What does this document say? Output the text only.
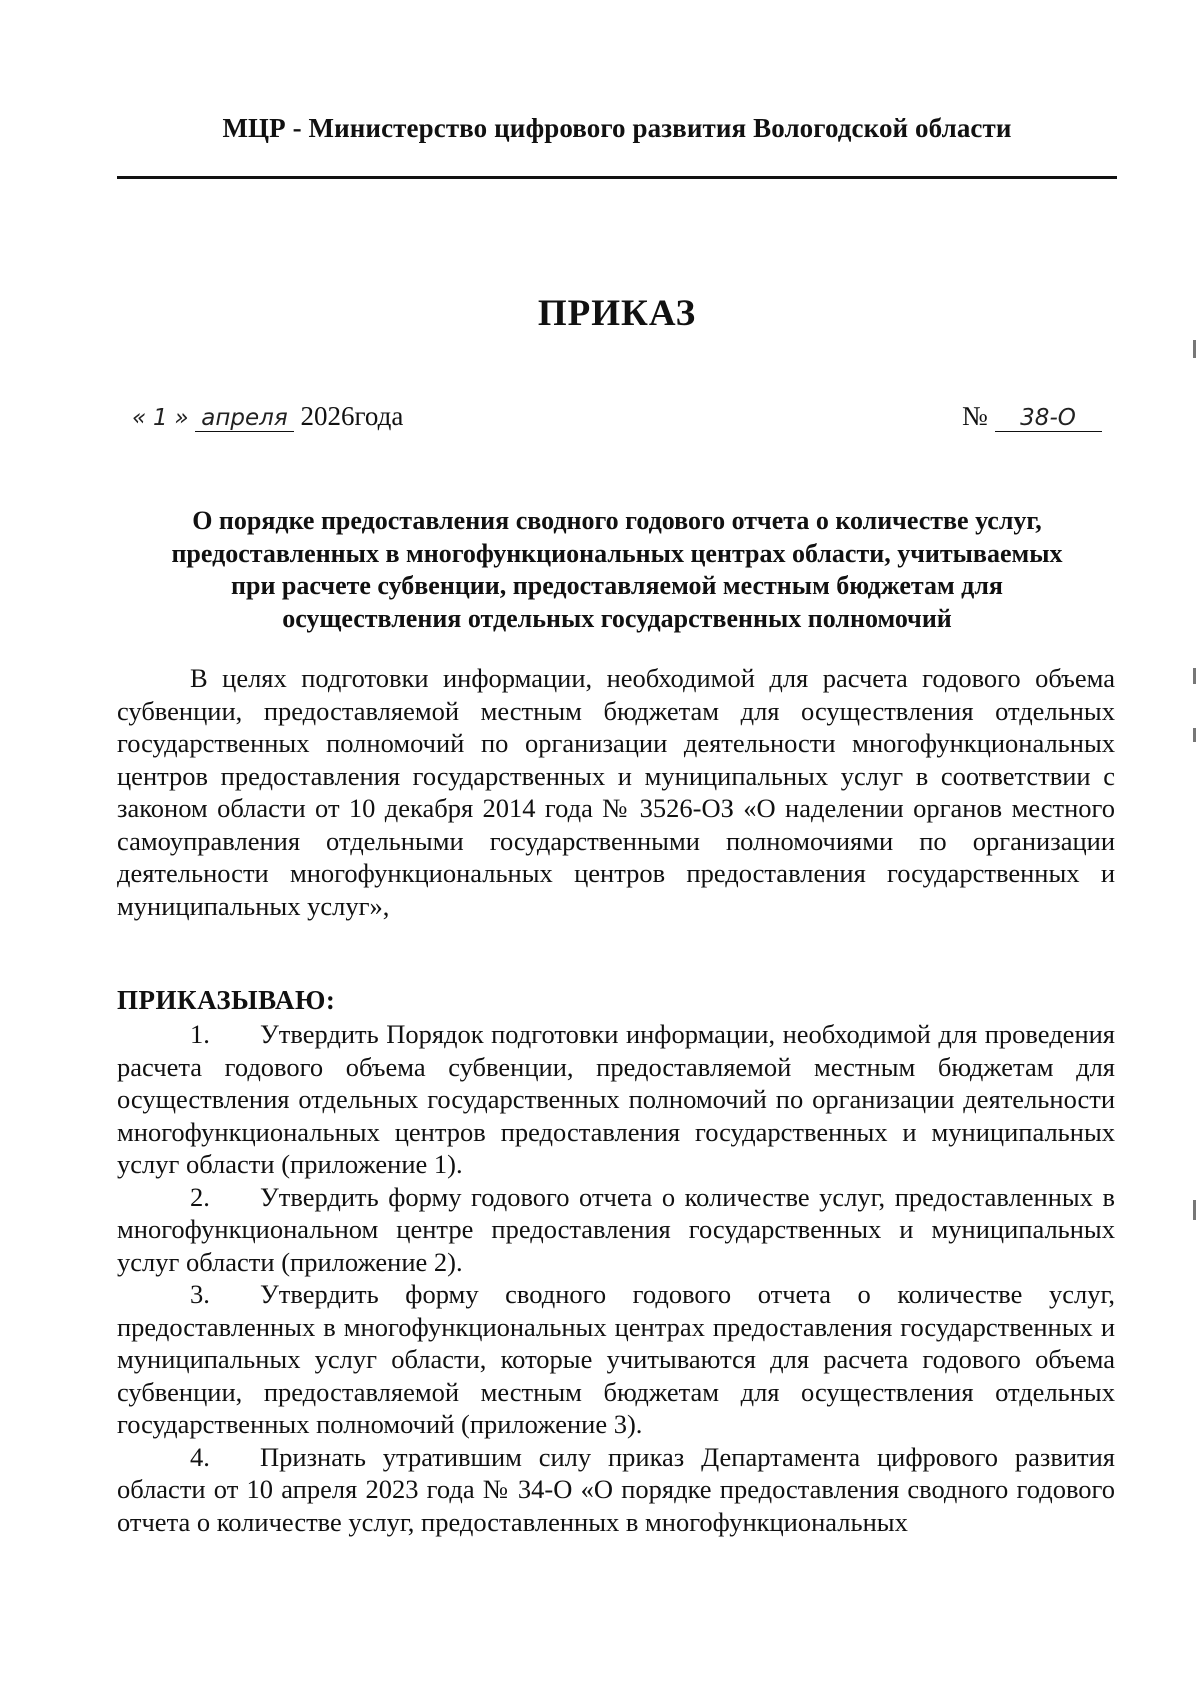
МЦР - Министерство цифрового развития Вологодской области
ПРИКАЗ
« 1 » апреля 2026года	№ 38-О
О порядке предоставления сводного годового отчета о количестве услуг,
предоставленных в многофункциональных центрах области, учитываемых
при расчете субвенции, предоставляемой местным бюджетам для
осуществления отдельных государственных полномочий

В целях подготовки информации, необходимой для расчета годового объема субвенции, предоставляемой местным бюджетам для осуществления отдельных государственных полномочий по организации деятельности многофункциональных центров предоставления государственных и муниципальных услуг в соответствии с законом области от 10 декабря 2014 года № 3526-ОЗ «О наделении органов местного самоуправления отдельными государственными полномочиями по организации деятельности многофункциональных центров предоставления государственных и муниципальных услуг»,

ПРИКАЗЫВАЮ:

1. Утвердить Порядок подготовки информации, необходимой для проведения расчета годового объема субвенции, предоставляемой местным бюджетам для осуществления отдельных государственных полномочий по организации деятельности многофункциональных центров предоставления государственных и муниципальных услуг области (приложение 1).

2. Утвердить форму годового отчета о количестве услуг, предоставленных в многофункциональном центре предоставления государственных и муниципальных услуг области (приложение 2).

3. Утвердить форму сводного годового отчета о количестве услуг, предоставленных в многофункциональных центрах предоставления государственных и муниципальных услуг области, которые учитываются для расчета годового объема субвенции, предоставляемой местным бюджетам для осуществления отдельных государственных полномочий (приложение 3).

4. Признать утратившим силу приказ Департамента цифрового развития области от 10 апреля 2023 года № 34-О «О порядке предоставления сводного годового отчета о количестве услуг, предоставленных в многофункциональных
